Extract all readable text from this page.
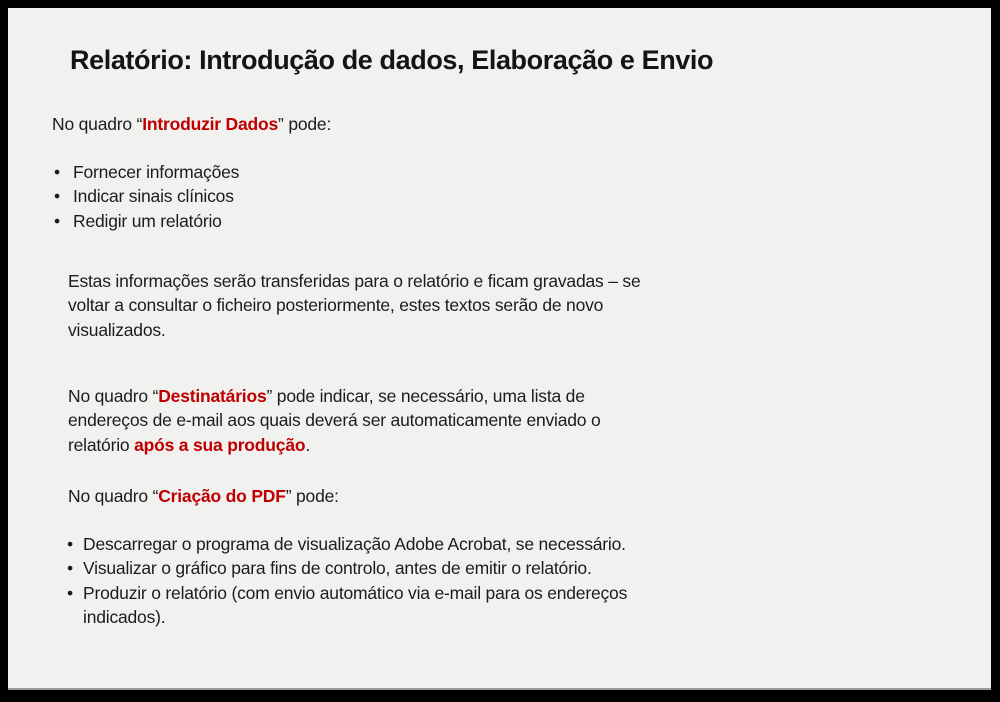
Relatório: Introdução de dados, Elaboração e Envio
No quadro “Introduzir Dados” pode:
• Fornecer informações
• Indicar sinais clínicos
• Redigir um relatório
Estas informações serão transferidas para o relatório e ficam gravadas – se
voltar a consultar o ficheiro posteriormente, estes textos serão de novo
visualizados.
No quadro “Destinatários” pode indicar, se necessário, uma lista de
endereços de e-mail aos quais deverá ser automaticamente enviado o
relatório após a sua produção.
No quadro “Criação do PDF” pode:
• Descarregar o programa de visualização Adobe Acrobat, se necessário.
• Visualizar o gráfico para fins de controlo, antes de emitir o relatório.
• Produzir o relatório (com envio automático via e-mail para os endereços indicados).
